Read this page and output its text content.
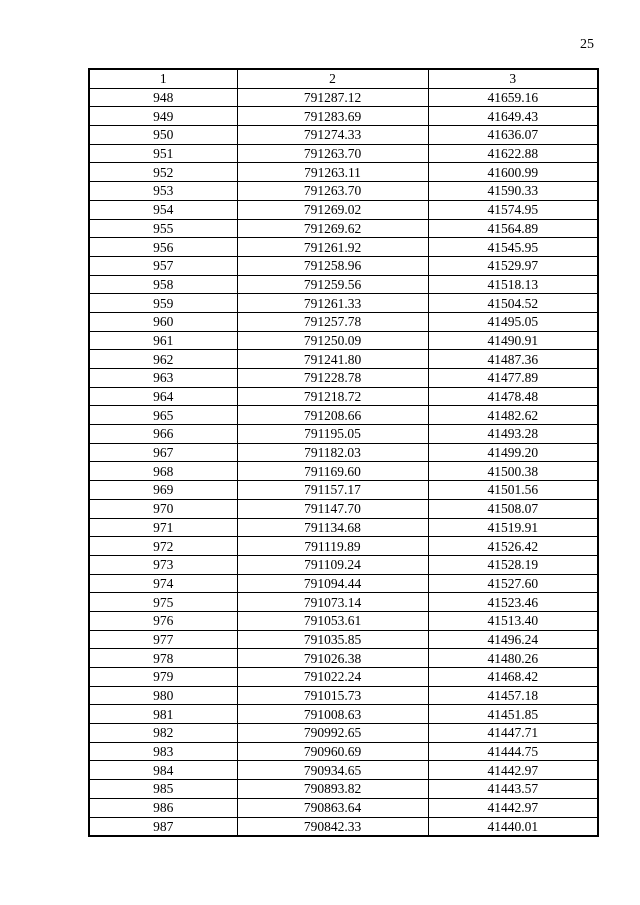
25
1	2	3
948	791287.12	41659.16
949	791283.69	41649.43
950	791274.33	41636.07
951	791263.70	41622.88
952	791263.11	41600.99
953	791263.70	41590.33
954	791269.02	41574.95
955	791269.62	41564.89
956	791261.92	41545.95
957	791258.96	41529.97
958	791259.56	41518.13
959	791261.33	41504.52
960	791257.78	41495.05
961	791250.09	41490.91
962	791241.80	41487.36
963	791228.78	41477.89
964	791218.72	41478.48
965	791208.66	41482.62
966	791195.05	41493.28
967	791182.03	41499.20
968	791169.60	41500.38
969	791157.17	41501.56
970	791147.70	41508.07
971	791134.68	41519.91
972	791119.89	41526.42
973	791109.24	41528.19
974	791094.44	41527.60
975	791073.14	41523.46
976	791053.61	41513.40
977	791035.85	41496.24
978	791026.38	41480.26
979	791022.24	41468.42
980	791015.73	41457.18
981	791008.63	41451.85
982	790992.65	41447.71
983	790960.69	41444.75
984	790934.65	41442.97
985	790893.82	41443.57
986	790863.64	41442.97
987	790842.33	41440.01
